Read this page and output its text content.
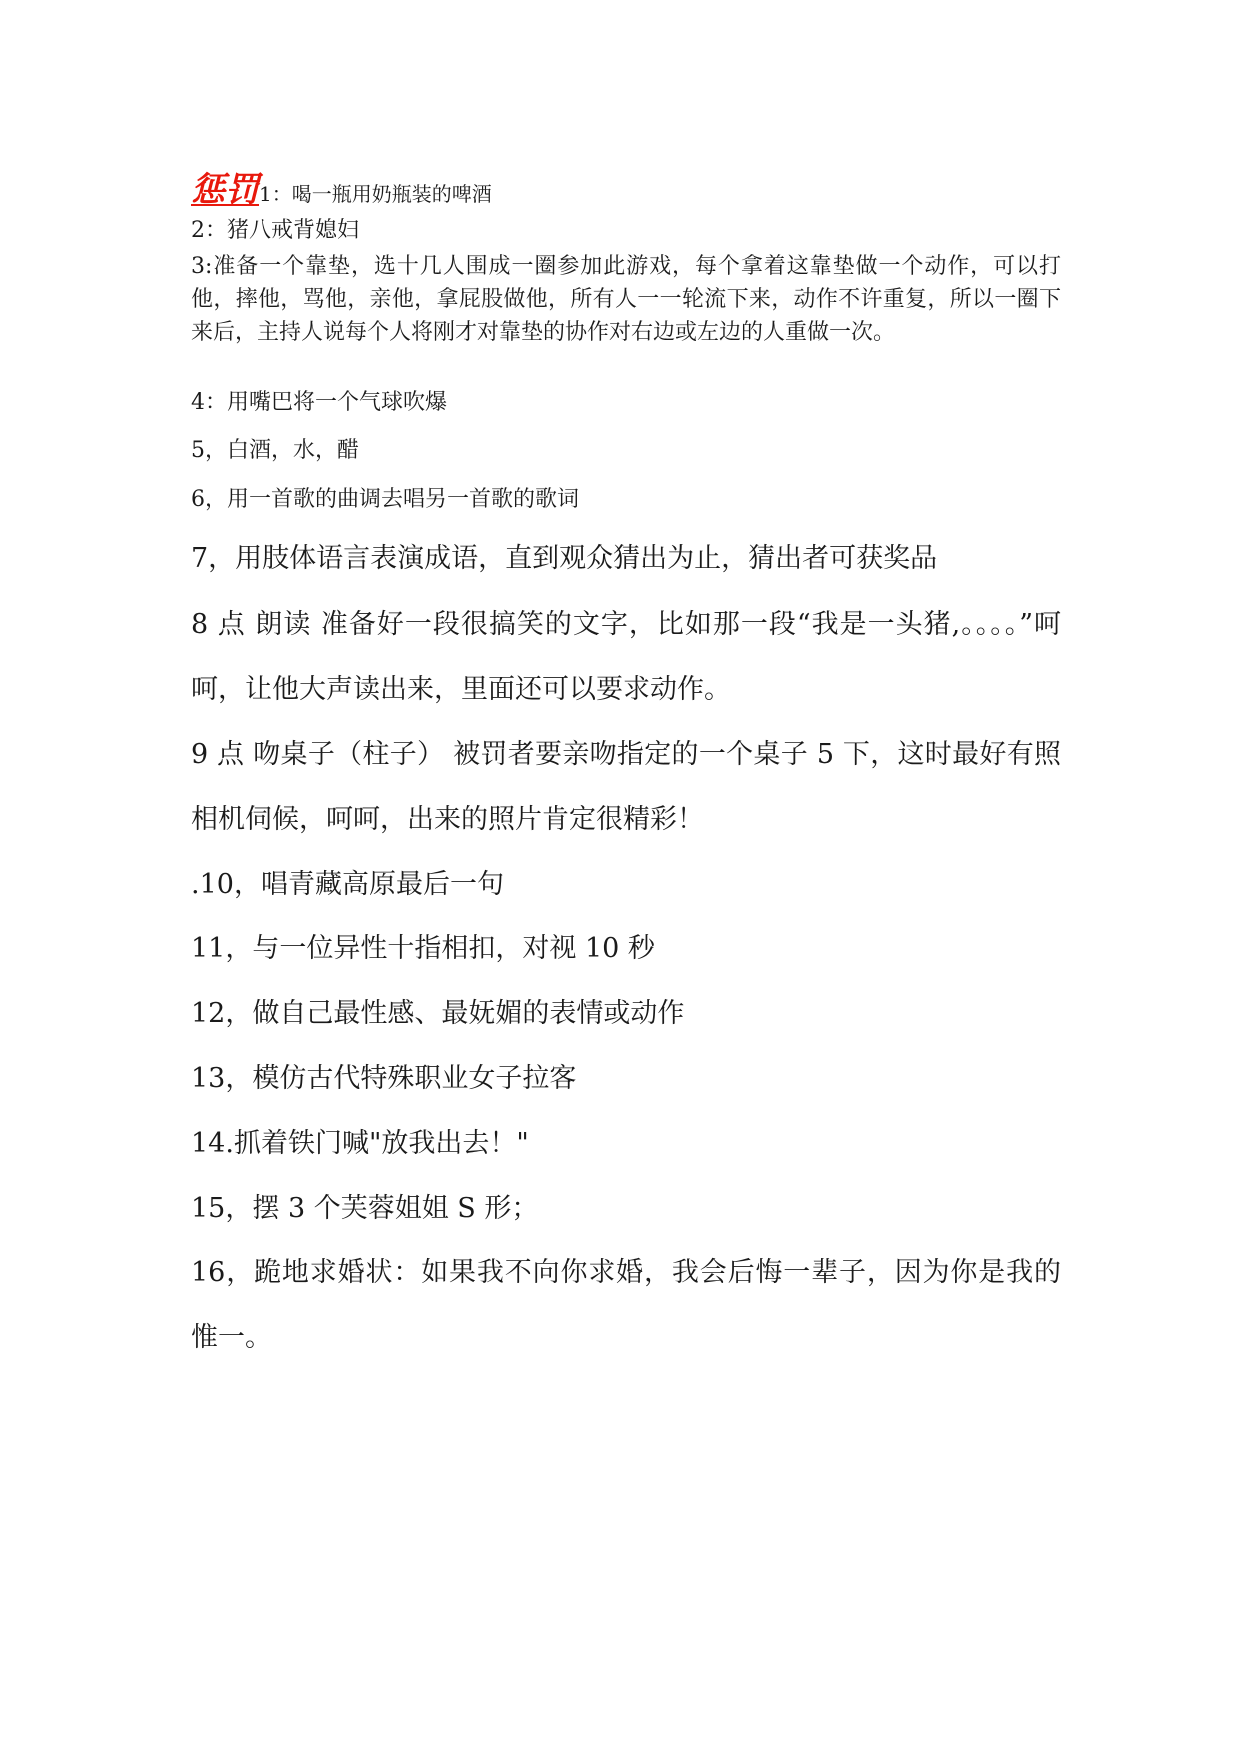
惩罚1：喝一瓶用奶瓶装的啤酒
2：猪八戒背媳妇
3:准备一个靠垫，选十几人围成一圈参加此游戏，每个拿着这靠垫做一个动作，可以打他，摔他，骂他，亲他，拿屁股做他，所有人一一轮流下来，动作不许重复，所以一圈下来后，主持人说每个人将刚才对靠垫的协作对右边或左边的人重做一次。
4：用嘴巴将一个气球吹爆
5，白酒，水，醋
6，用一首歌的曲调去唱另一首歌的歌词
7，用肢体语言表演成语，直到观众猜出为止，猜出者可获奖品
8 点 朗读 准备好一段很搞笑的文字，比如那一段“我是一头猪,。。。。”呵呵，让他大声读出来，里面还可以要求动作。
9 点 吻桌子（柱子） 被罚者要亲吻指定的一个桌子 5 下，这时最好有照相机伺候，呵呵，出来的照片肯定很精彩！
.10，唱青藏高原最后一句
11，与一位异性十指相扣，对视 10 秒
12，做自己最性感、最妩媚的表情或动作
13，模仿古代特殊职业女子拉客
14.抓着铁门喊"放我出去！"
15，摆 3 个芙蓉姐姐 S 形；
16，跪地求婚状：如果我不向你求婚，我会后悔一辈子，因为你是我的惟一。
